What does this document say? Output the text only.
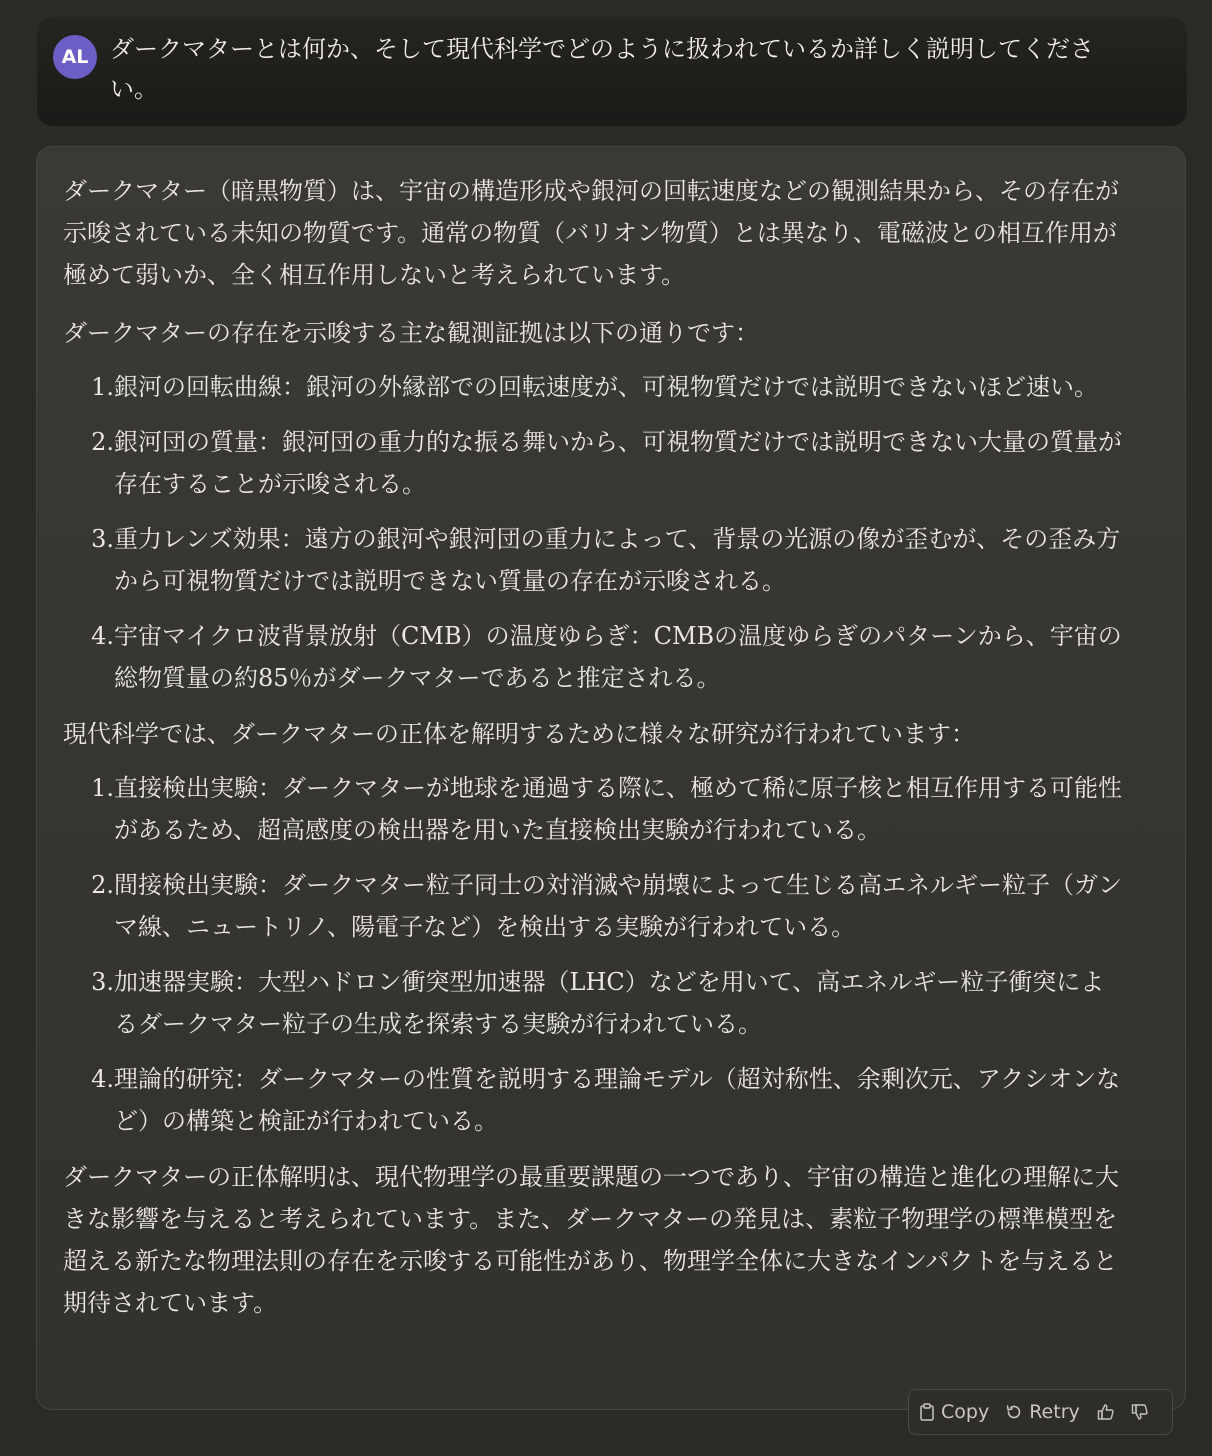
AL ダークマターとは何か、そして現代科学でどのように扱われているか詳しく説明してください。

ダークマター（暗黒物質）は、宇宙の構造形成や銀河の回転速度などの観測結果から、その存在が示唆されている未知の物質です。通常の物質（バリオン物質）とは異なり、電磁波との相互作用が極めて弱いか、全く相互作用しないと考えられています。

ダークマターの存在を示唆する主な観測証拠は以下の通りです：

1. 銀河の回転曲線：銀河の外縁部での回転速度が、可視物質だけでは説明できないほど速い。
2. 銀河団の質量：銀河団の重力的な振る舞いから、可視物質だけでは説明できない大量の質量が存在することが示唆される。
3. 重力レンズ効果：遠方の銀河や銀河団の重力によって、背景の光源の像が歪むが、その歪み方から可視物質だけでは説明できない質量の存在が示唆される。
4. 宇宙マイクロ波背景放射（CMB）の温度ゆらぎ：CMBの温度ゆらぎのパターンから、宇宙の総物質量の約85％がダークマターであると推定される。

現代科学では、ダークマターの正体を解明するために様々な研究が行われています：

1. 直接検出実験：ダークマターが地球を通過する際に、極めて稀に原子核と相互作用する可能性があるため、超高感度の検出器を用いた直接検出実験が行われている。
2. 間接検出実験：ダークマター粒子同士の対消滅や崩壊によって生じる高エネルギー粒子（ガンマ線、ニュートリノ、陽電子など）を検出する実験が行われている。
3. 加速器実験：大型ハドロン衝突型加速器（LHC）などを用いて、高エネルギー粒子衝突によるダークマター粒子の生成を探索する実験が行われている。
4. 理論的研究：ダークマターの性質を説明する理論モデル（超対称性、余剰次元、アクシオンなど）の構築と検証が行われている。

ダークマターの正体解明は、現代物理学の最重要課題の一つであり、宇宙の構造と進化の理解に大きな影響を与えると考えられています。また、ダークマターの発見は、素粒子物理学の標準模型を超える新たな物理法則の存在を示唆する可能性があり、物理学全体に大きなインパクトを与えると期待されています。

Copy Retry
